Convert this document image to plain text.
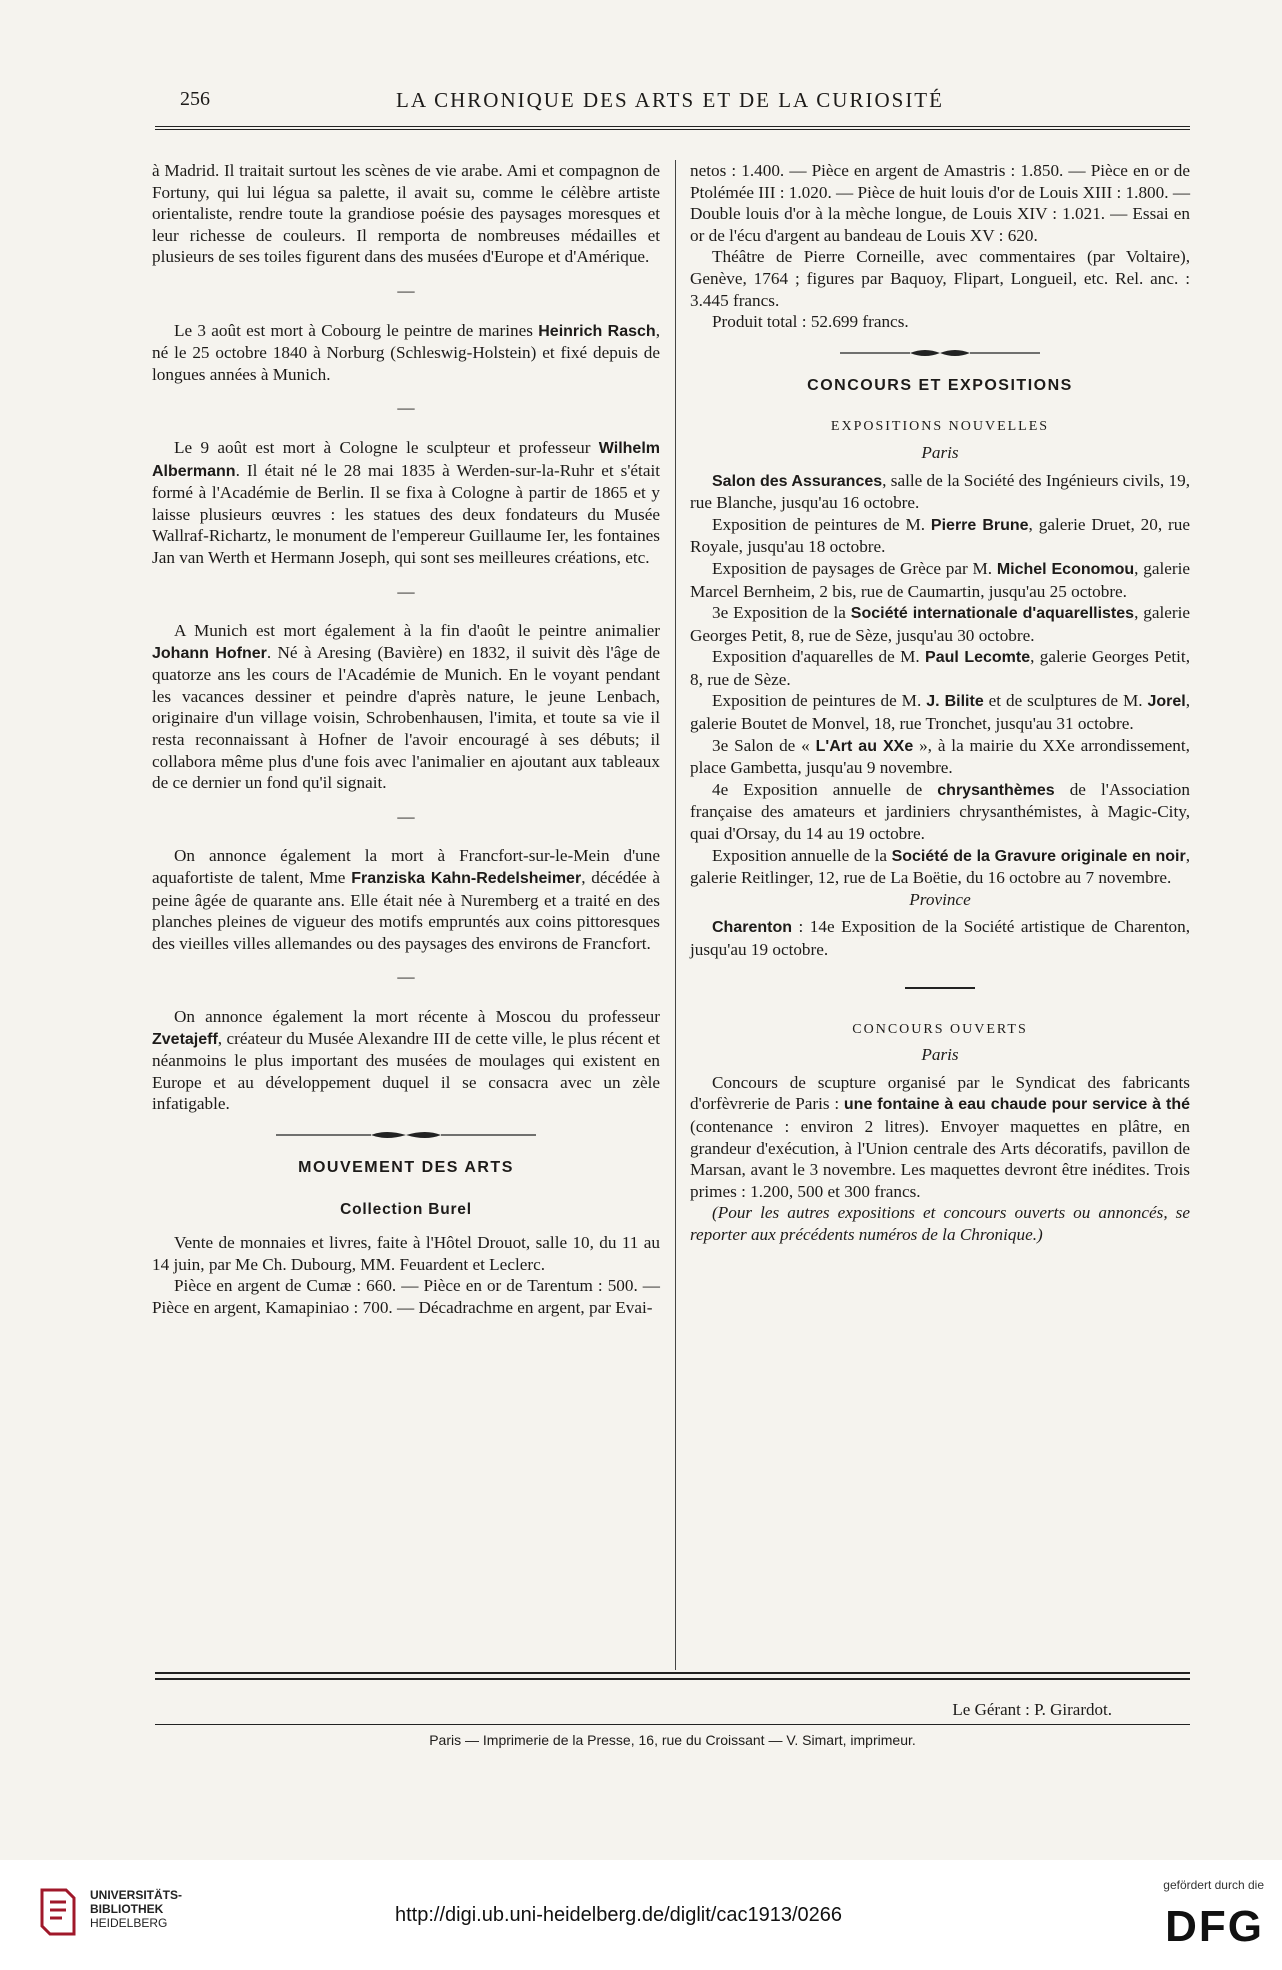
256	LA CHRONIQUE DES ARTS ET DE LA CURIOSITÉ

à Madrid. Il traitait surtout les scènes de vie arabe. Ami et compagnon de Fortuny, qui lui légua sa palette, il avait su, comme le célèbre artiste orientaliste, rendre toute la grandiose poésie des paysages moresques et leur richesse de couleurs. Il remporta de nombreuses médailles et plusieurs de ses toiles figurent dans des musées d'Europe et d'Amérique.

—

Le 3 août est mort à Cobourg le peintre de marines Heinrich Rasch, né le 25 octobre 1840 à Norburg (Schleswig-Holstein) et fixé depuis de longues années à Munich.

—

Le 9 août est mort à Cologne le sculpteur et professeur Wilhelm Albermann. Il était né le 28 mai 1835 à Werden-sur-la-Ruhr et s'était formé à l'Académie de Berlin. Il se fixa à Cologne à partir de 1865 et y laisse plusieurs œuvres : les statues des deux fondateurs du Musée Wallraf-Richartz, le monument de l'empereur Guillaume Ier, les fontaines Jan van Werth et Hermann Joseph, qui sont ses meilleures créations, etc.

—

A Munich est mort également à la fin d'août le peintre animalier Johann Hofner. Né à Aresing (Bavière) en 1832, il suivit dès l'âge de quatorze ans les cours de l'Académie de Munich. En le voyant pendant les vacances dessiner et peindre d'après nature, le jeune Lenbach, originaire d'un village voisin, Schrobenhausen, l'imita, et toute sa vie il resta reconnaissant à Hofner de l'avoir encouragé à ses débuts; il collabora même plus d'une fois avec l'animalier en ajoutant aux tableaux de ce dernier un fond qu'il signait.

—

On annonce également la mort à Francfort-sur-le-Mein d'une aquafortiste de talent, Mme Franziska Kahn-Redelsheimer, décédée à peine âgée de quarante ans. Elle était née à Nuremberg et a traité en des planches pleines de vigueur des motifs empruntés aux coins pittoresques des vieilles villes allemandes ou des paysages des environs de Francfort.

—

On annonce également la mort récente à Moscou du professeur Zvetajeff, créateur du Musée Alexandre III de cette ville, le plus récent et néanmoins le plus important des musées de moulages qui existent en Europe et au développement duquel il se consacra avec un zèle infatigable.

MOUVEMENT DES ARTS
Collection Burel

Vente de monnaies et livres, faite à l'Hôtel Drouot, salle 10, du 11 au 14 juin, par Me Ch. Dubourg, MM. Feuardent et Leclerc.

Pièce en argent de Cumæ : 660. — Pièce en or de Tarentum : 500. — Pièce en argent, Kamapiniao : 700. — Décadrachme en argent, par Evai-

netos : 1.400. — Pièce en argent de Amastris : 1.850. — Pièce en or de Ptolémée III : 1.020. — Pièce de huit louis d'or de Louis XIII : 1.800. — Double louis d'or à la mèche longue, de Louis XIV : 1.021. — Essai en or de l'écu d'argent au bandeau de Louis XV : 620.

Théâtre de Pierre Corneille, avec commentaires (par Voltaire), Genève, 1764 ; figures par Baquoy, Flipart, Longueil, etc. Rel. anc. : 3.445 francs.

Produit total : 52.699 francs.

CONCOURS ET EXPOSITIONS
EXPOSITIONS NOUVELLES
Paris

Salon des Assurances, salle de la Société des Ingénieurs civils, 19, rue Blanche, jusqu'au 16 octobre.

Exposition de peintures de M. Pierre Brune, galerie Druet, 20, rue Royale, jusqu'au 18 octobre.

Exposition de paysages de Grèce par M. Michel Economou, galerie Marcel Bernheim, 2 bis, rue de Caumartin, jusqu'au 25 octobre.

3e Exposition de la Société internationale d'aquarellistes, galerie Georges Petit, 8, rue de Sèze, jusqu'au 30 octobre.

Exposition d'aquarelles de M. Paul Lecomte, galerie Georges Petit, 8, rue de Sèze.

Exposition de peintures de M. J. Bilite et de sculptures de M. Jorel, galerie Boutet de Monvel, 18, rue Tronchet, jusqu'au 31 octobre.

3e Salon de « L'Art au XXe », à la mairie du XXe arrondissement, place Gambetta, jusqu'au 9 novembre.

4e Exposition annuelle de chrysanthèmes de l'Association française des amateurs et jardiniers chrysanthémistes, à Magic-City, quai d'Orsay, du 14 au 19 octobre.

Exposition annuelle de la Société de la Gravure originale en noir, galerie Reitlinger, 12, rue de La Boëtie, du 16 octobre au 7 novembre.

Province

Charenton : 14e Exposition de la Société artistique de Charenton, jusqu'au 19 octobre.

CONCOURS OUVERTS
Paris

Concours de scupture organisé par le Syndicat des fabricants d'orfèvrerie de Paris : une fontaine à eau chaude pour service à thé (contenance : environ 2 litres). Envoyer maquettes en plâtre, en grandeur d'exécution, à l'Union centrale des Arts décoratifs, pavillon de Marsan, avant le 3 novembre. Les maquettes devront être inédites. Trois primes : 1.200, 500 et 300 francs.

(Pour les autres expositions et concours ouverts ou annoncés, se reporter aux précédents numéros de la Chronique.)

Le Gérant : P. Girardot.
Paris — Imprimerie de la Presse, 16, rue du Croissant — V. Simart, imprimeur.
UNIVERSITÄTS-
BIBLIOTHEK
HEIDELBERG	http://digi.ub.uni-heidelberg.de/diglit/cac1913/0266
gefördert durch die
DFG
